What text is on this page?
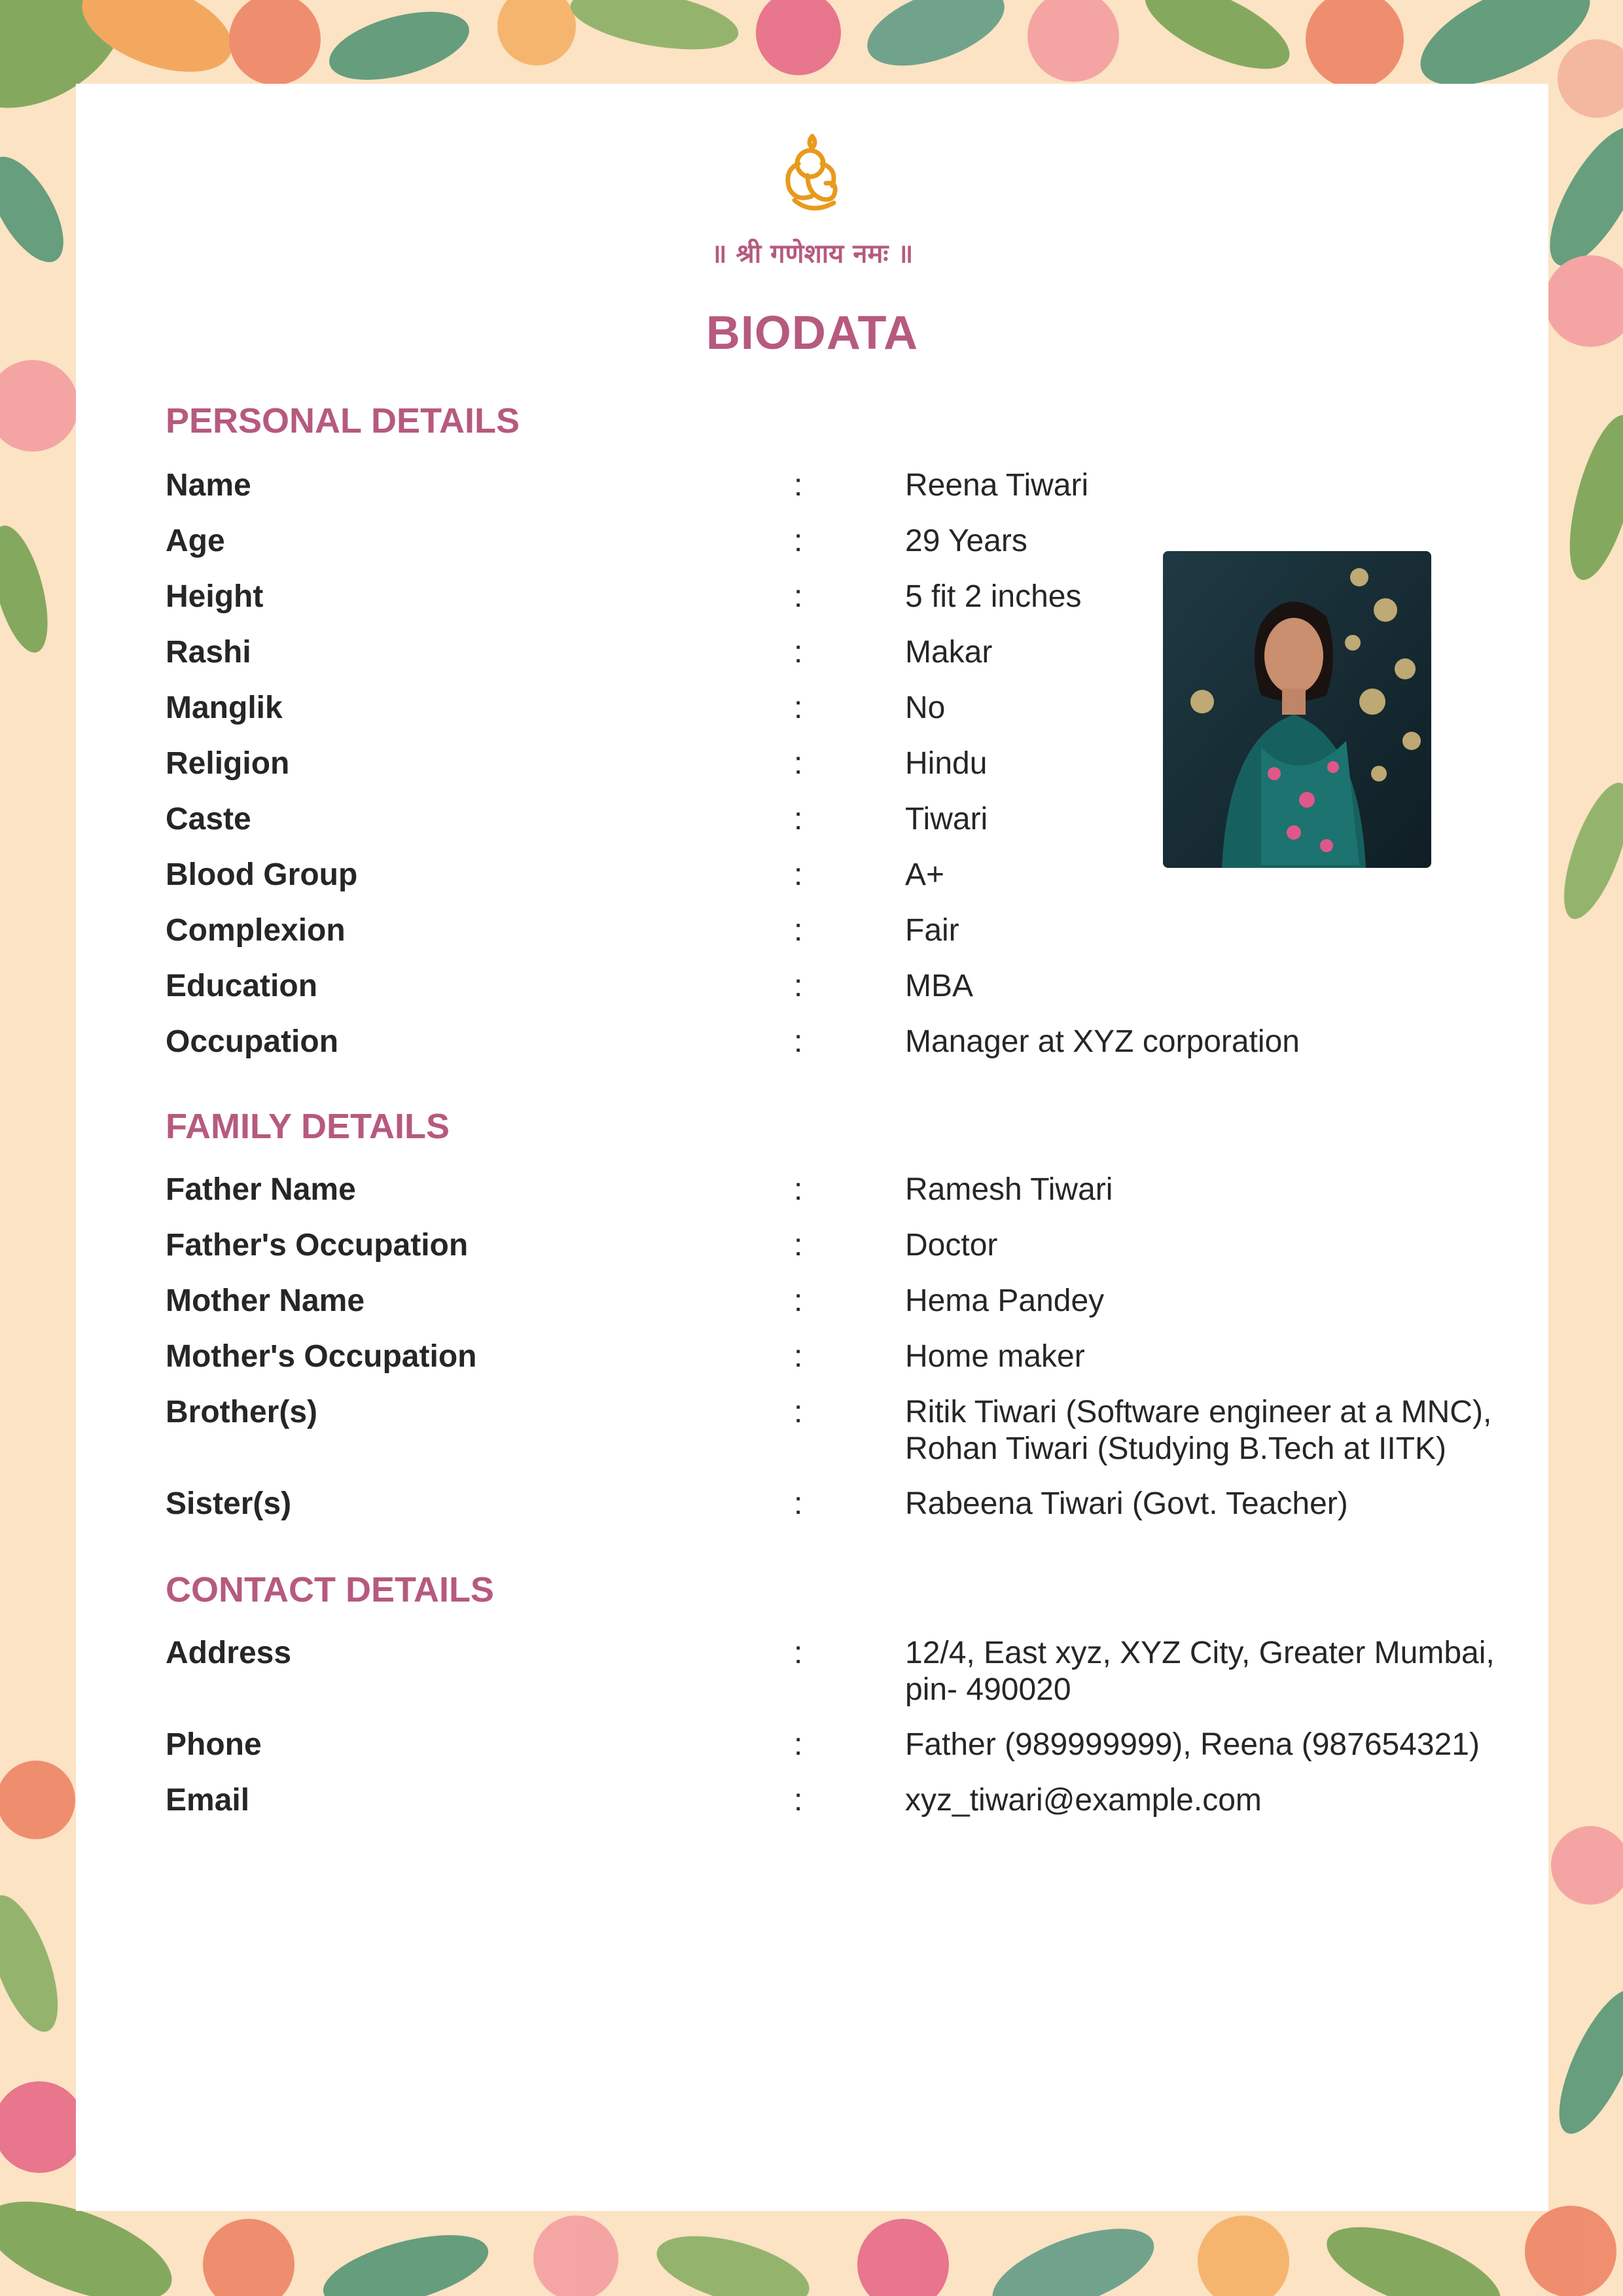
॥ श्री गणेशाय नमः ॥
BIODATA
PERSONAL DETAILS
Name	:	Reena Tiwari
Age	:	29 Years
Height	:	5 fit 2 inches
Rashi	:	Makar
Manglik	:	No
Religion	:	Hindu
Caste	:	Tiwari
Blood Group	:	A+
Complexion	:	Fair
Education	:	MBA
Occupation	:	Manager at XYZ corporation
FAMILY DETAILS
Father Name	:	Ramesh Tiwari
Father's Occupation	:	Doctor
Mother Name	:	Hema Pandey
Mother's Occupation	:	Home maker
Brother(s)	:	Ritik Tiwari (Software engineer at a MNC),
Rohan Tiwari (Studying B.Tech at IITK)
Sister(s)	:	Rabeena Tiwari (Govt. Teacher)
CONTACT DETAILS
Address	:	12/4, East xyz, XYZ City, Greater Mumbai,
pin- 490020
Phone	:	Father (989999999), Reena (987654321)
Email	:	xyz_tiwari@example.com
